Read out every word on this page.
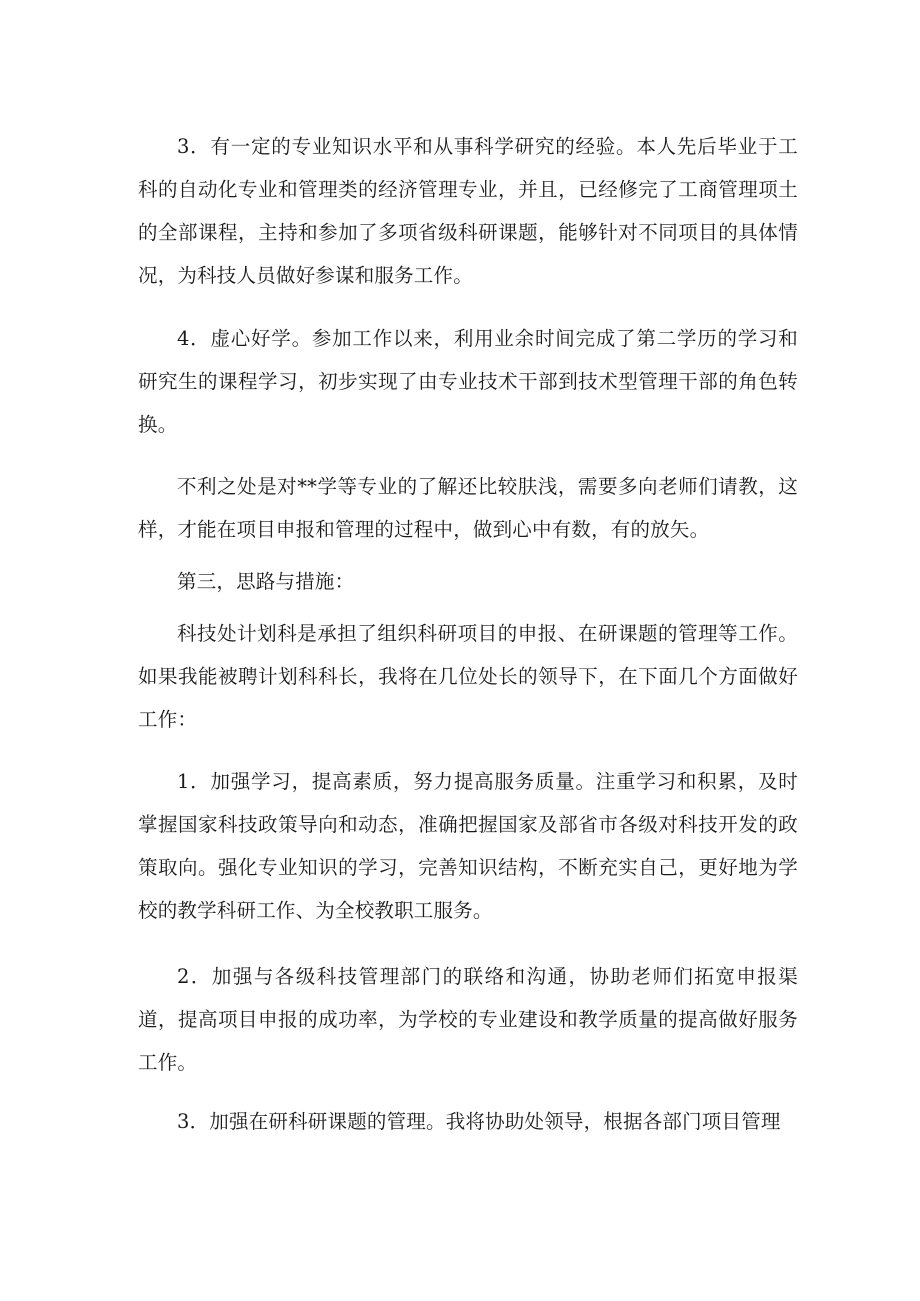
3．有一定的专业知识水平和从事科学研究的经验。本人先后毕业于工科的自动化专业和管理类的经济管理专业，并且，已经修完了工商管理项土的全部课程，主持和参加了多项省级科研课题，能够针对不同项目的具体情况，为科技人员做好参谋和服务工作。

4．虚心好学。参加工作以来，利用业余时间完成了第二学历的学习和研究生的课程学习，初步实现了由专业技术干部到技术型管理干部的角色转换。

不利之处是对**学等专业的了解还比较肤浅，需要多向老师们请教，这样，才能在项目申报和管理的过程中，做到心中有数，有的放矢。

第三，思路与措施：

科技处计划科是承担了组织科研项目的申报、在研课题的管理等工作。如果我能被聘计划科科长，我将在几位处长的领导下，在下面几个方面做好工作：

1．加强学习，提高素质，努力提高服务质量。注重学习和积累，及时掌握国家科技政策导向和动态，准确把握国家及部省市各级对科技开发的政策取向。强化专业知识的学习，完善知识结构，不断充实自己，更好地为学校的教学科研工作、为全校教职工服务。

2．加强与各级科技管理部门的联络和沟通，协助老师们拓宽申报渠道，提高项目申报的成功率，为学校的专业建设和教学质量的提高做好服务工作。

3．加强在研科研课题的管理。我将协助处领导，根据各部门项目管理
